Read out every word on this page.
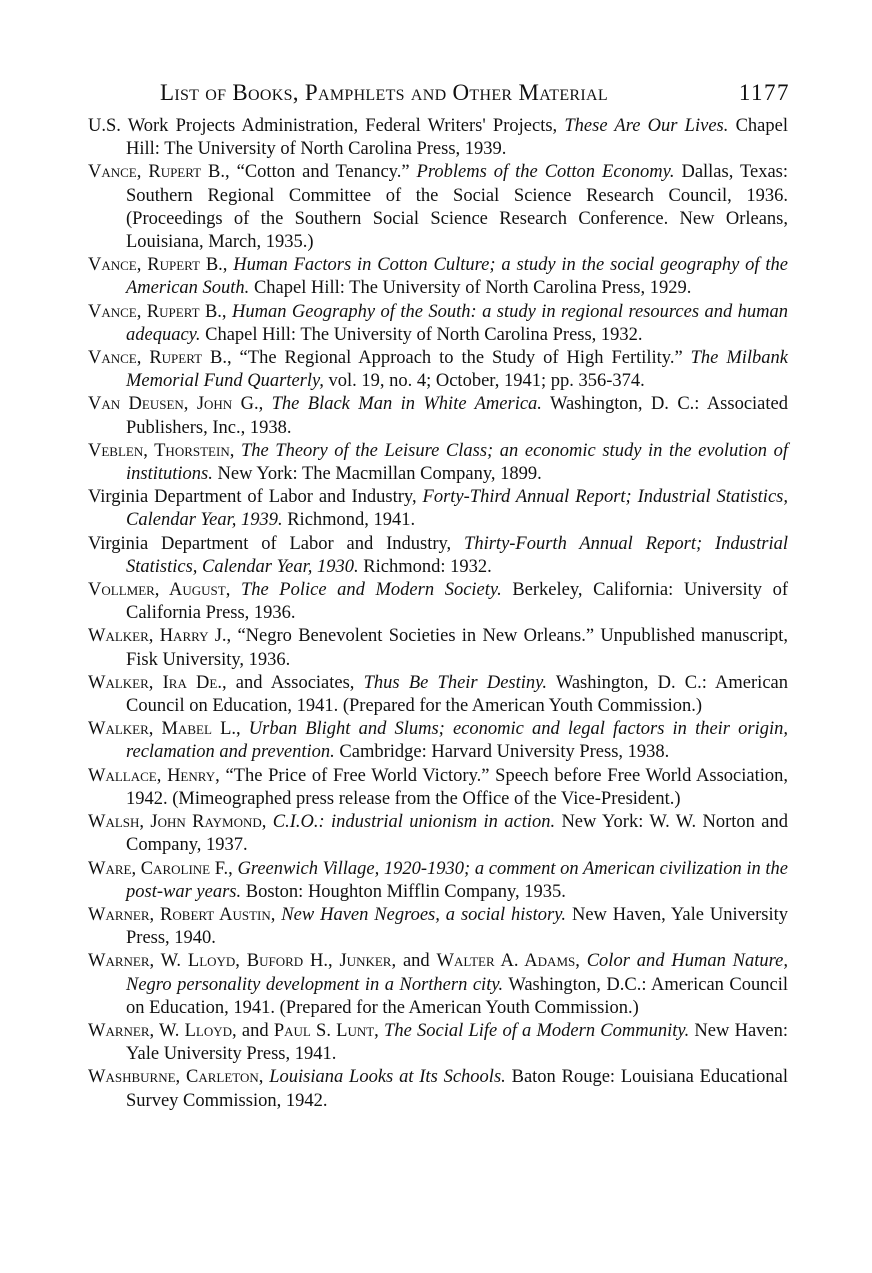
List of Books, Pamphlets and Other Material	1177

U.S. Work Projects Administration, Federal Writers' Projects, These Are Our Lives. Chapel Hill: The University of North Carolina Press, 1939.

Vance, Rupert B., “Cotton and Tenancy.” Problems of the Cotton Economy. Dallas, Texas: Southern Regional Committee of the Social Science Research Council, 1936. (Proceedings of the Southern Social Science Research Conference. New Orleans, Louisiana, March, 1935.)

Vance, Rupert B., Human Factors in Cotton Culture; a study in the social geography of the American South. Chapel Hill: The University of North Carolina Press, 1929.

Vance, Rupert B., Human Geography of the South: a study in regional resources and human adequacy. Chapel Hill: The University of North Carolina Press, 1932.

Vance, Rupert B., “The Regional Approach to the Study of High Fertility.” The Milbank Memorial Fund Quarterly, vol. 19, no. 4; October, 1941; pp. 356-374.

Van Deusen, John G., The Black Man in White America. Washington, D. C.: Associated Publishers, Inc., 1938.

Veblen, Thorstein, The Theory of the Leisure Class; an economic study in the evolution of institutions. New York: The Macmillan Company, 1899.

Virginia Department of Labor and Industry, Forty-Third Annual Report; Industrial Statistics, Calendar Year, 1939. Richmond, 1941.

Virginia Department of Labor and Industry, Thirty-Fourth Annual Report; Industrial Statistics, Calendar Year, 1930. Richmond: 1932.

Vollmer, August, The Police and Modern Society. Berkeley, California: University of California Press, 1936.

Walker, Harry J., “Negro Benevolent Societies in New Orleans.” Unpublished manuscript, Fisk University, 1936.

Walker, Ira De., and Associates, Thus Be Their Destiny. Washington, D. C.: American Council on Education, 1941. (Prepared for the American Youth Commission.)

Walker, Mabel L., Urban Blight and Slums; economic and legal factors in their origin, reclamation and prevention. Cambridge: Harvard University Press, 1938.

Wallace, Henry, “The Price of Free World Victory.” Speech before Free World Association, 1942. (Mimeographed press release from the Office of the Vice-President.)

Walsh, John Raymond, C.I.O.: industrial unionism in action. New York: W. W. Norton and Company, 1937.

Ware, Caroline F., Greenwich Village, 1920-1930; a comment on American civilization in the post-war years. Boston: Houghton Mifflin Company, 1935.

Warner, Robert Austin, New Haven Negroes, a social history. New Haven, Yale University Press, 1940.

Warner, W. Lloyd, Buford H., Junker, and Walter A. Adams, Color and Human Nature, Negro personality development in a Northern city. Washington, D.C.: American Council on Education, 1941. (Prepared for the American Youth Commission.)

Warner, W. Lloyd, and Paul S. Lunt, The Social Life of a Modern Community. New Haven: Yale University Press, 1941.

Washburne, Carleton, Louisiana Looks at Its Schools. Baton Rouge: Louisiana Educational Survey Commission, 1942.
